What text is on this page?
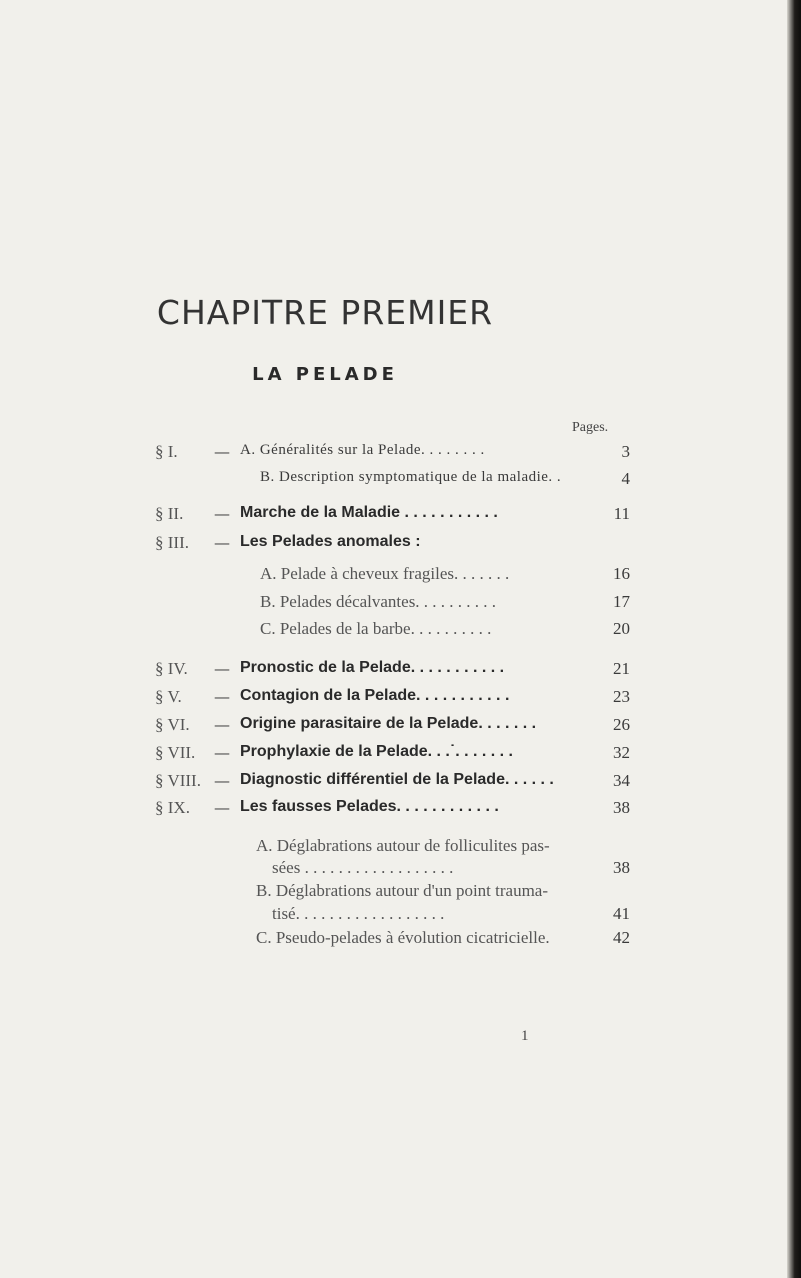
CHAPITRE PREMIER
LA PELADE
Pages.
§ I. — A. Généralités sur la Pelade. . . . . . . .	3
B. Description symptomatique de la maladie. .	4
§ II. — Marche de la Maladie . . . . . . . . . . .	11
§ III. — Les Pelades anomales :
A. Pelade à cheveux fragiles. . . . . . .	16
B. Pelades décalvantes. . . . . . . . . .	17
C. Pelades de la barbe. . . . . . . . . .	20
§ IV. — Pronostic de la Pelade. . . . . . . . . . .	21
§ V. — Contagion de la Pelade. . . . . . . . . . .	23
§ VI. — Origine parasitaire de la Pelade. . . . . . .	26
§ VII. — Prophylaxie de la Pelade. . .˙. . . . . . .	32
§ VIII. — Diagnostic différentiel de la Pelade. . . . . .	34
§ IX. — Les fausses Pelades. . . . . . . . . . . .	38
A. Déglabrations autour de folliculites pas-
sées . . . . . . . . . . . . . . . . . .	38
B. Déglabrations autour d'un point trauma-
tisé. . . . . . . . . . . . . . . . . .	41
C. Pseudo-pelades à évolution cicatricielle.	42
1
